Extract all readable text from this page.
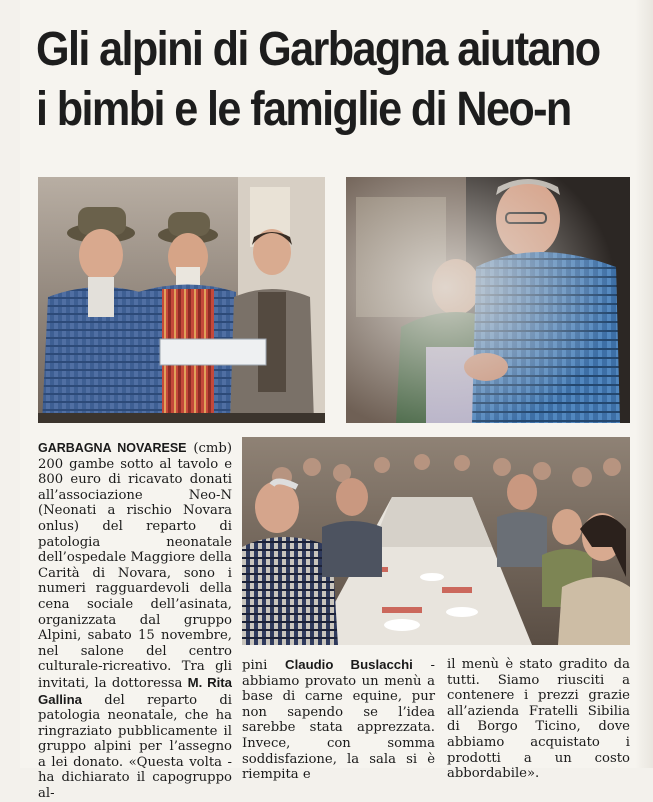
Gli alpini di Garbagna aiutano
i bimbi e le famiglie di Neo-n
GARBAGNA NOVARESE (cmb) 200 gambe sotto al tavolo e 800 euro di ricavato donati all’associazione Neo-N (Neonati a rischio Novara onlus) del reparto di patologia neonatale dell’ospedale Maggiore della Carità di Novara, sono i numeri ragguardevoli della cena sociale dell’asinata, organizzata dal gruppo Alpini, sabato 15 novembre, nel salone del centro culturale-ricreativo. Tra gli invitati, la dottoressa M. Rita Gallina del reparto di patologia neonatale, che ha ringraziato pubblicamente il gruppo alpini per l’assegno a lei donato. «Questa volta - ha dichiarato il capogruppo al-
pini Claudio Buslacchi - abbiamo provato un menù a base di carne equine, pur non sapendo se l’idea sarebbe stata apprezzata. Invece, con somma soddisfazione, la sala si è riempita e
il menù è stato gradito da tutti. Siamo riusciti a contenere i prezzi grazie all’azienda Fratelli Sibilia di Borgo Ticino, dove abbiamo acquistato i prodotti a un costo abbordabile».
